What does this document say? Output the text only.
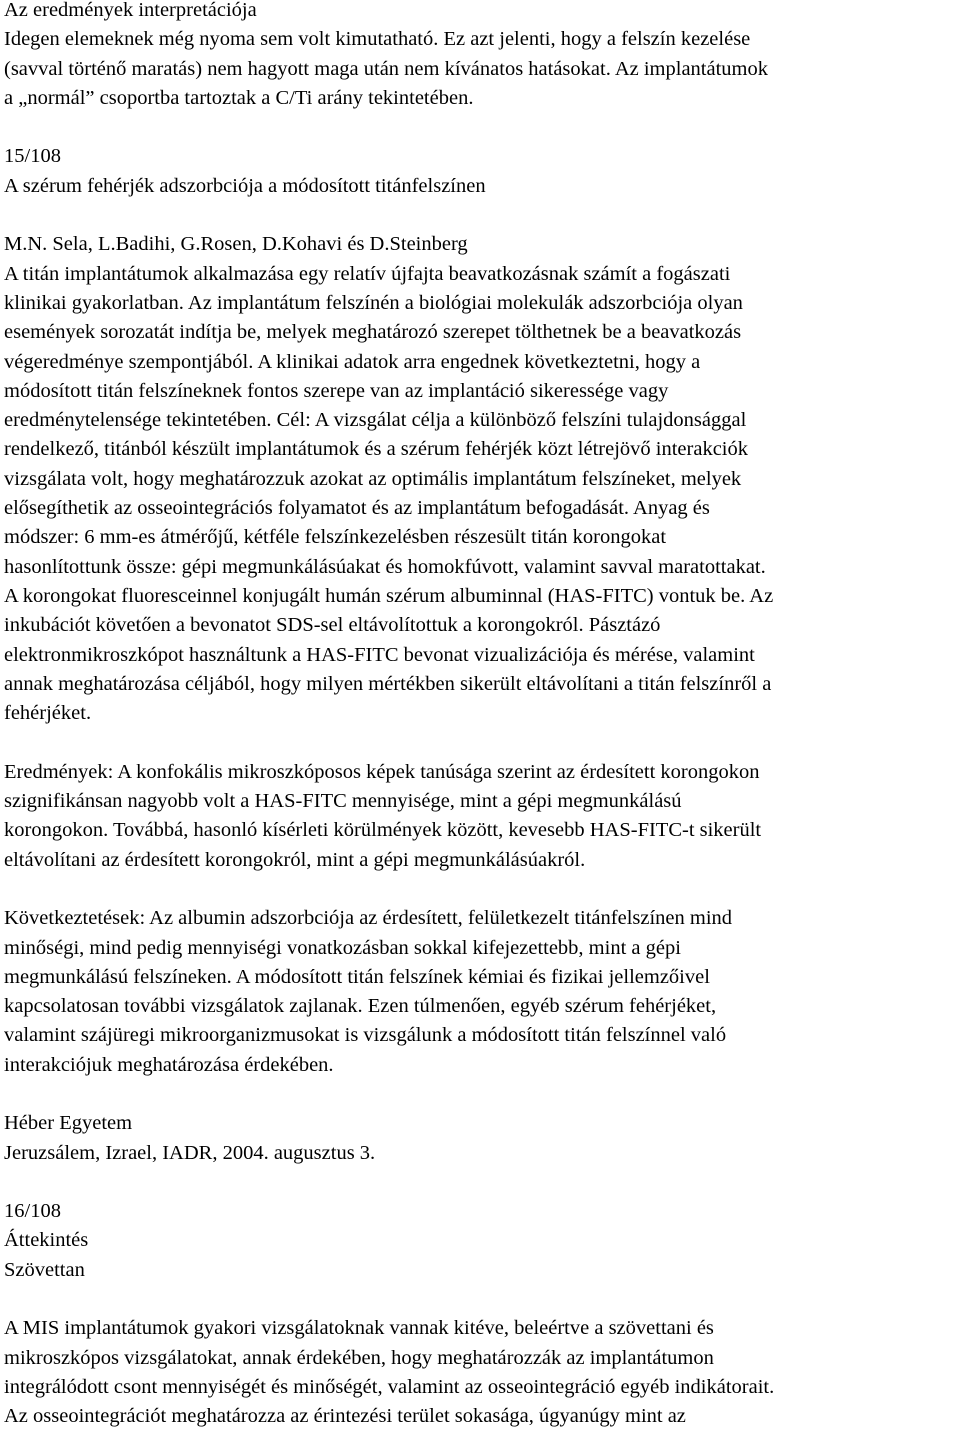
Az eredmények interpretációja
Idegen elemeknek még nyoma sem volt kimutatható. Ez azt jelenti, hogy a felszín kezelése
(savval történő maratás) nem hagyott maga után nem kívánatos hatásokat. Az implantátumok
a „normál” csoportba tartoztak a C/Ti arány tekintetében.
15/108
A szérum fehérjék adszorbciója a módosított titánfelszínen
M.N. Sela, L.Badihi, G.Rosen, D.Kohavi és D.Steinberg
A titán implantátumok alkalmazása egy relatív újfajta beavatkozásnak számít a fogászati
klinikai gyakorlatban. Az implantátum felszínén a biológiai molekulák adszorbciója olyan
események sorozatát indítja be, melyek meghatározó szerepet tölthetnek be a beavatkozás
végeredménye szempontjából. A klinikai adatok arra engednek következtetni, hogy a
módosított titán felszíneknek fontos szerepe van az implantáció sikeressége vagy
eredménytelensége tekintetében. Cél: A vizsgálat célja a különböző felszíni tulajdonsággal
rendelkező, titánból készült implantátumok és a szérum fehérjék közt létrejövő interakciók
vizsgálata volt, hogy meghatározzuk azokat az optimális implantátum felszíneket, melyek
elősegíthetik az osseointegrációs folyamatot és az implantátum befogadását. Anyag és
módszer: 6 mm-es átmérőjű, kétféle felszínkezelésben részesült titán korongokat
hasonlítottunk össze: gépi megmunkálásúakat és homokfúvott, valamint savval maratottakat.
A korongokat fluoresceinnel konjugált humán szérum albuminnal (HAS-FITC) vontuk be. Az
inkubációt követően a bevonatot SDS-sel eltávolítottuk a korongokról. Pásztázó
elektronmikroszkópot használtunk a HAS-FITC bevonat vizualizációja és mérése, valamint
annak meghatározása céljából, hogy milyen mértékben sikerült eltávolítani a titán felszínről a
fehérjéket.
Eredmények: A konfokális mikroszkóposos képek tanúsága szerint az érdesített korongokon
szignifikánsan nagyobb volt a HAS-FITC mennyisége, mint a gépi megmunkálású
korongokon. Továbbá, hasonló kísérleti körülmények között, kevesebb HAS-FITC-t sikerült
eltávolítani az érdesített korongokról, mint a gépi megmunkálásúakról.
Következtetések: Az albumin adszorbciója az érdesített, felületkezelt titánfelszínen mind
minőségi, mind pedig mennyiségi vonatkozásban sokkal kifejezettebb, mint a gépi
megmunkálású felszíneken. A módosított titán felszínek kémiai és fizikai jellemzőivel
kapcsolatosan további vizsgálatok zajlanak. Ezen túlmenően, egyéb szérum fehérjéket,
valamint szájüregi mikroorganizmusokat is vizsgálunk a módosított titán felszínnel való
interakciójuk meghatározása érdekében.
Héber Egyetem
Jeruzsálem, Izrael, IADR, 2004. augusztus 3.
16/108
Áttekintés
Szövettan
A MIS implantátumok gyakori vizsgálatoknak vannak kitéve, beleértve a szövettani és
mikroszkópos vizsgálatokat, annak érdekében, hogy meghatározzák az implantátumon
integrálódott csont mennyiségét és minőségét, valamint az osseointegráció egyéb indikátorait.
Az osseointegrációt meghatározza az érintezési terület sokasága, úgyanúgy mint az
